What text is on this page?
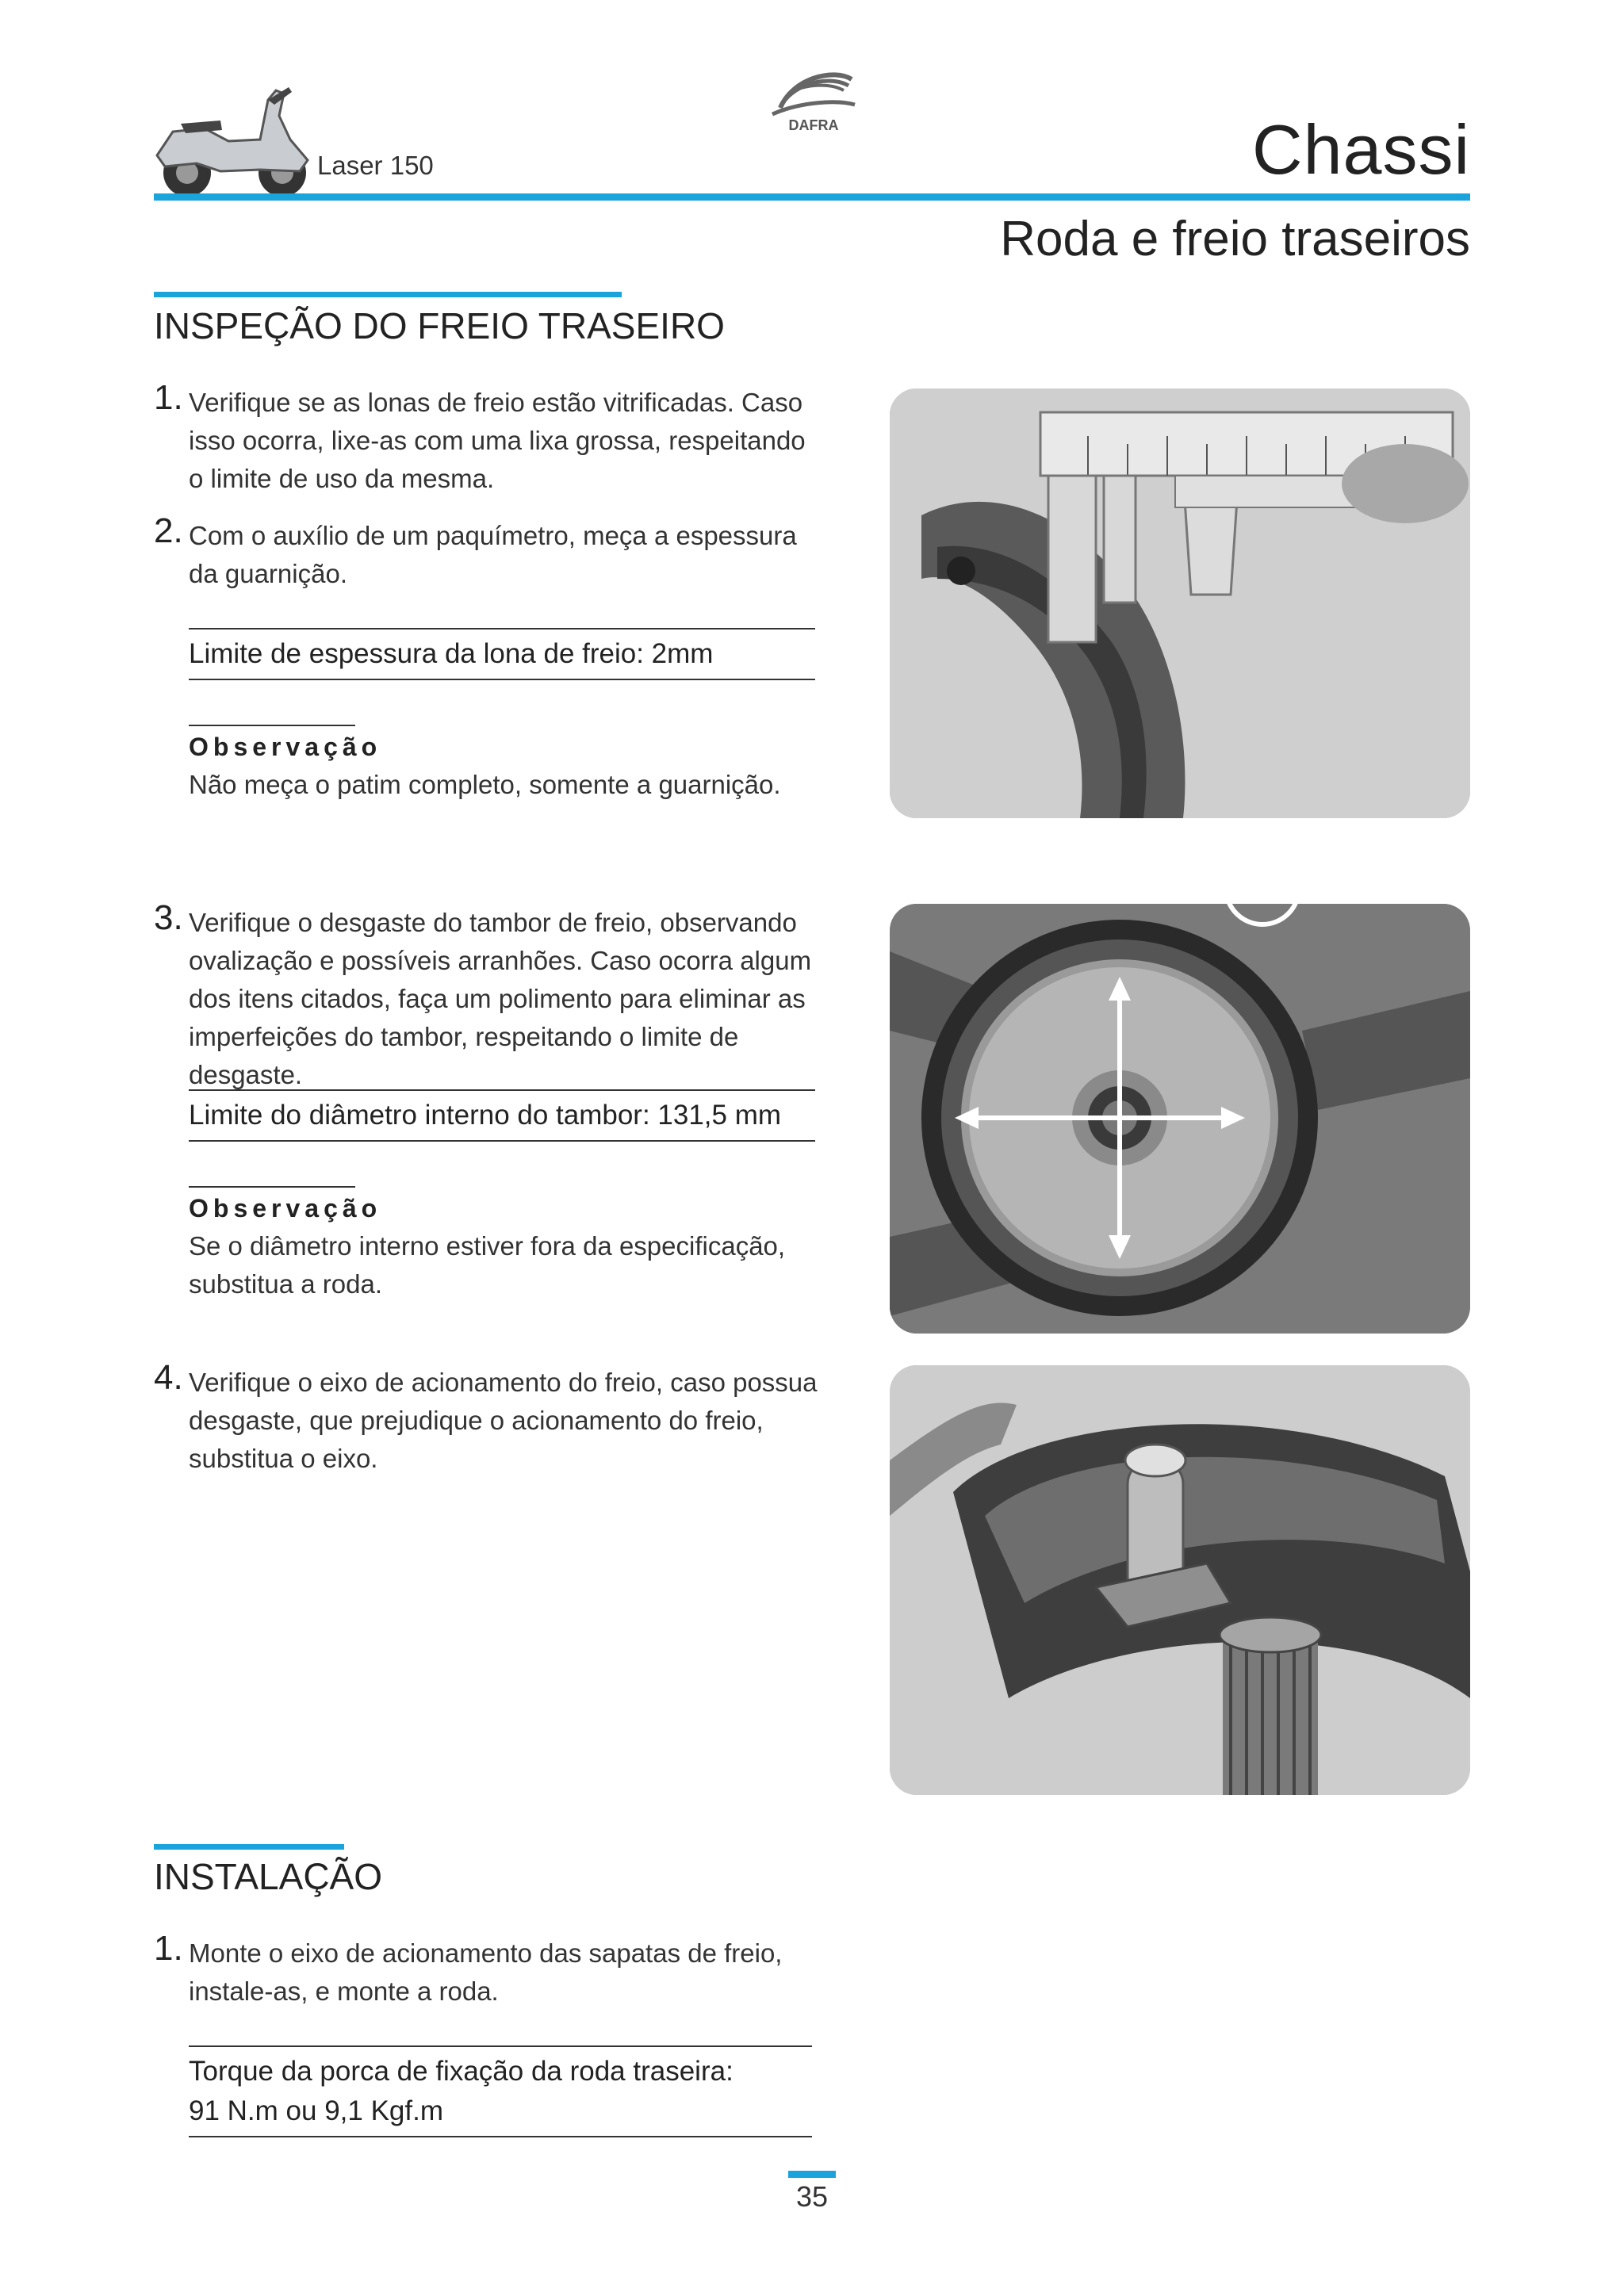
Laser 150
DAFRA	Chassi
Roda e freio traseiros
INSPEÇÃO DO FREIO TRASEIRO
1. Verifique se as lonas de freio estão vitrificadas. Caso isso ocorra, lixe-as com uma lixa grossa, respeitando o limite de uso da mesma.
2. Com o auxílio de um paquímetro, meça a espessura da guarnição.
Limite de espessura da lona de freio: 2mm
Observação
Não meça o patim completo, somente a guarnição.
3. Verifique o desgaste do tambor de freio, observando ovalização e possíveis arranhões. Caso ocorra algum dos itens citados, faça um polimento para eliminar as imperfeições do tambor, respeitando o limite de desgaste.
Limite do diâmetro interno do tambor: 131,5 mm
Observação
Se o diâmetro interno estiver fora da especificação, substitua a roda.
4. Verifique o eixo de acionamento do freio, caso possua desgaste, que prejudique o acionamento do freio, substitua o eixo.
INSTALAÇÃO
1. Monte o eixo de acionamento das sapatas de freio, instale-as, e monte a roda.
Torque da porca de fixação da roda traseira:
91 N.m ou 9,1 Kgf.m
35
